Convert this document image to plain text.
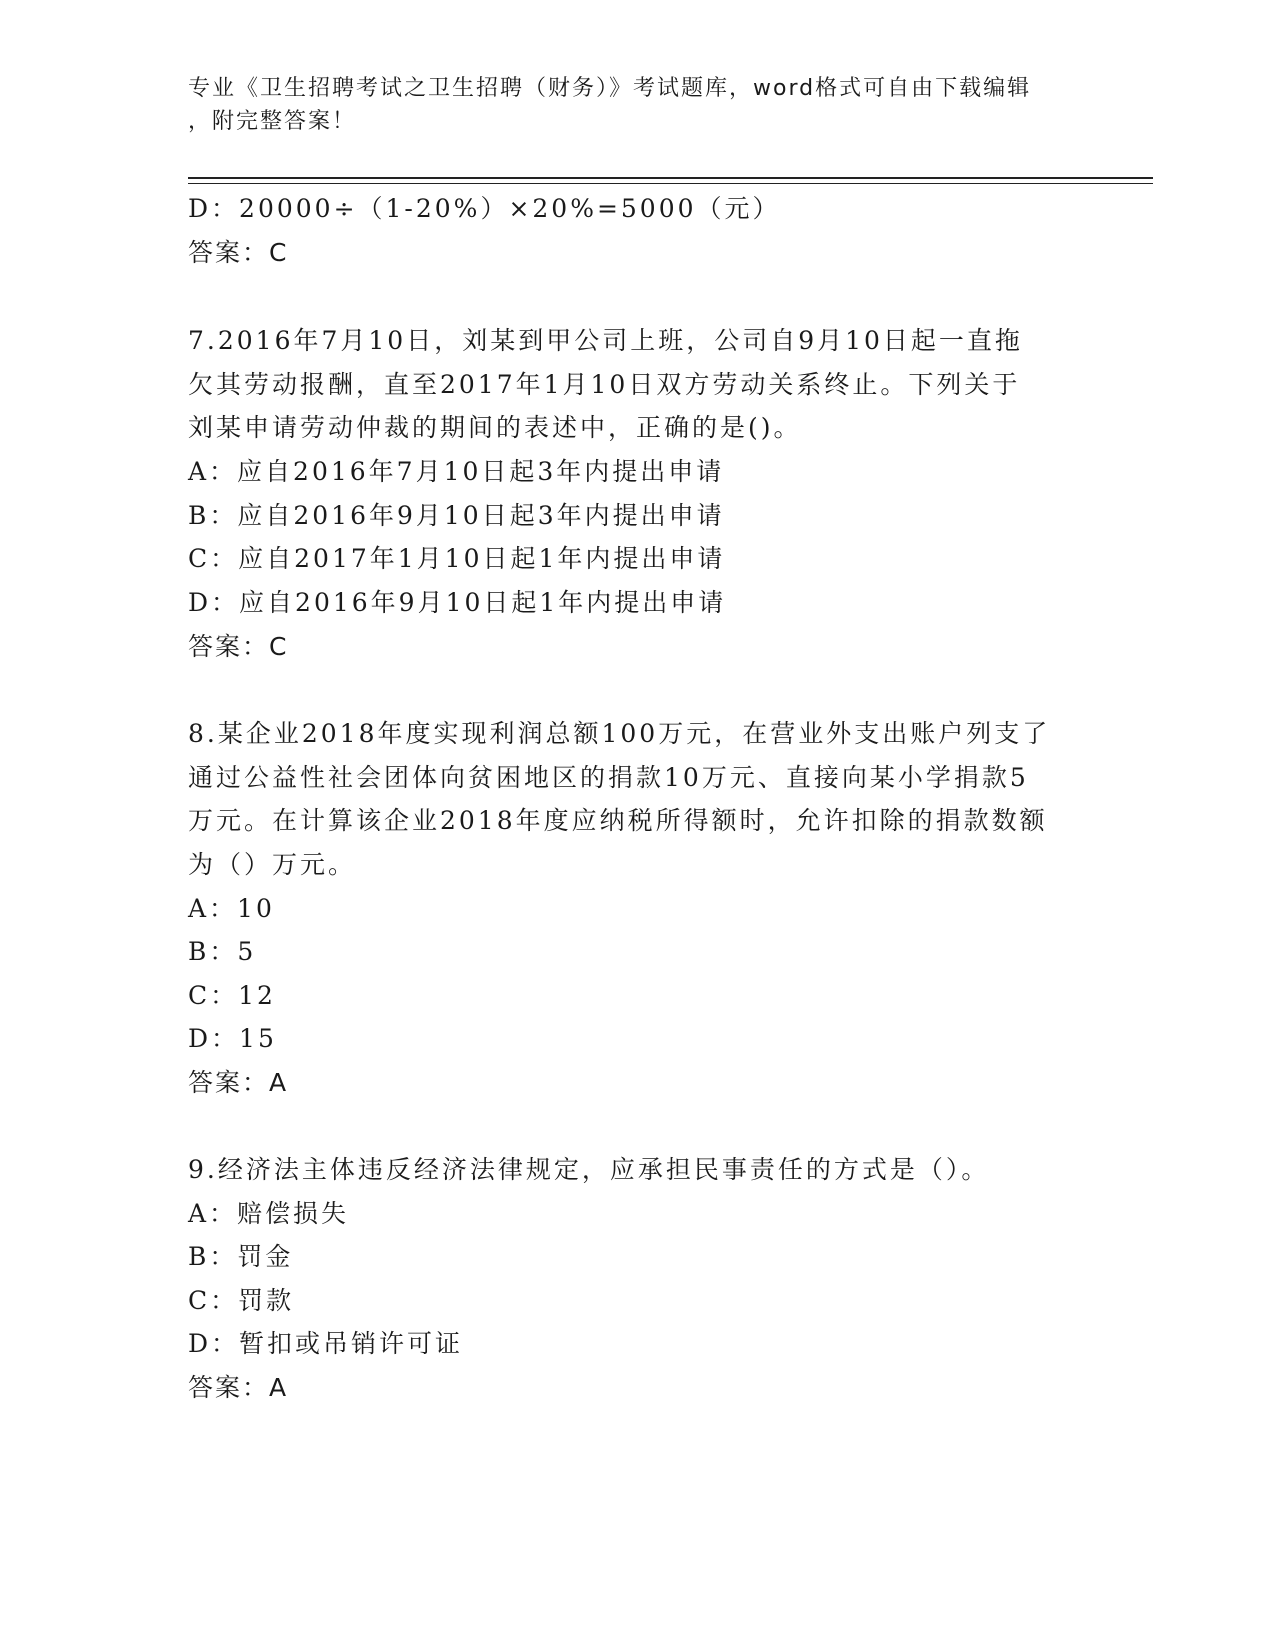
专业《卫生招聘考试之卫生招聘（财务）》考试题库，word格式可自由下载编辑
，附完整答案！
D：20000÷（1-20%）×20%=5000（元）
答案：C
7.2016年7月10日，刘某到甲公司上班，公司自9月10日起一直拖
欠其劳动报酬，直至2017年1月10日双方劳动关系终止。下列关于
刘某申请劳动仲裁的期间的表述中，正确的是()。
A：应自2016年7月10日起3年内提出申请
B：应自2016年9月10日起3年内提出申请
C：应自2017年1月10日起1年内提出申请
D：应自2016年9月10日起1年内提出申请
答案：C
8.某企业2018年度实现利润总额100万元，在营业外支出账户列支了
通过公益性社会团体向贫困地区的捐款10万元、直接向某小学捐款5
万元。在计算该企业2018年度应纳税所得额时，允许扣除的捐款数额
为（）万元。
A：10
B：5
C：12
D：15
答案：A
9.经济法主体违反经济法律规定，应承担民事责任的方式是（）。
A：赔偿损失
B：罚金
C：罚款
D：暂扣或吊销许可证
答案：A
